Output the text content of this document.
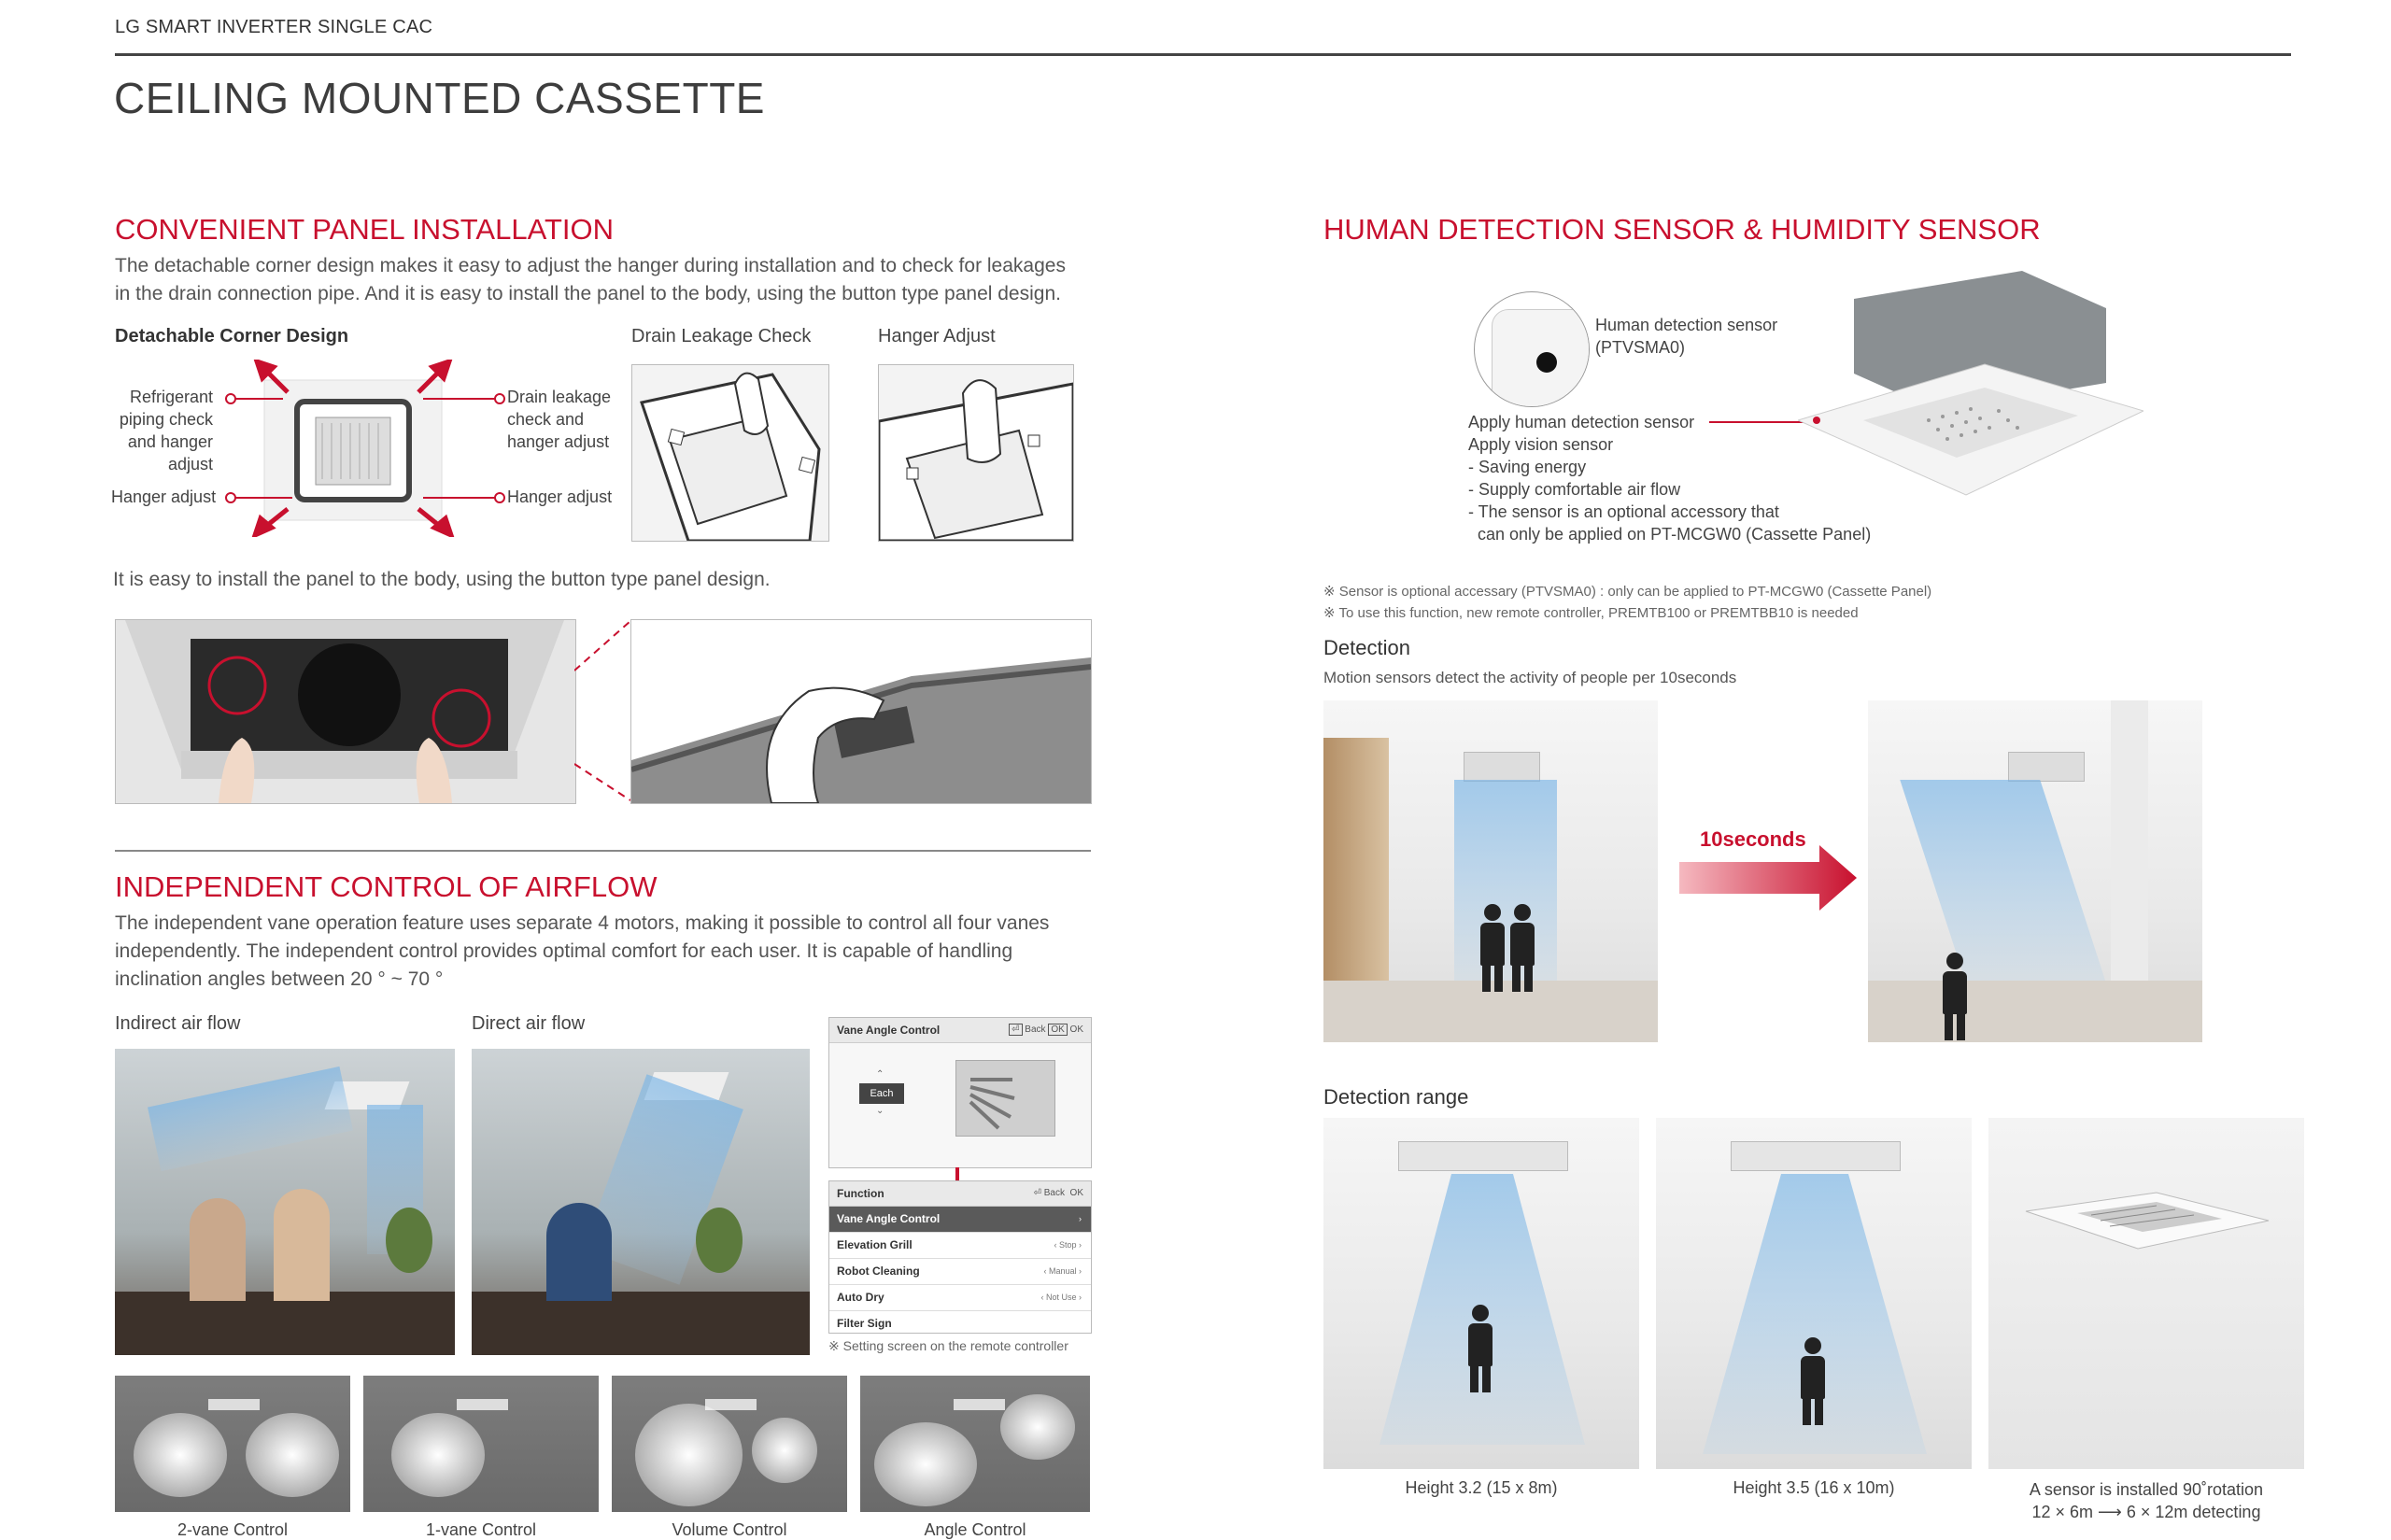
LG SMART INVERTER SINGLE CAC
CEILING MOUNTED CASSETTE
CONVENIENT PANEL INSTALLATION
The detachable corner design makes it easy to adjust the hanger during installation and to check for leakages in the drain connection pipe. And it is easy to install the panel to the body, using the button type panel design.
Detachable Corner Design	Drain Leakage Check	Hanger Adjust
Refrigerant piping check and hanger adjust
Hanger adjust
Drain leakage check and hanger adjust
Hanger adjust
It is easy to install the panel to the body, using the button type panel design.
INDEPENDENT CONTROL OF AIRFLOW
The independent vane operation feature uses separate 4 motors, making it possible to control all four vanes independently. The independent control provides optimal comfort for each user. It is capable of handling inclination angles between 20 ° ~ 70 °
Indirect air flow	Direct air flow	Vane Angle Control	⏎ Back OK OK
Each
⌃
⌄
Function	⏎ Back  OK
Vane Angle Control	›
Elevation Grill	‹ Stop ›
Robot Cleaning	‹ Manual ›
Auto Dry	‹ Not Use ›
Filter Sign
※ Setting screen on the remote controller
2-vane Control	1-vane Control	Volume Control	Angle Control
HUMAN DETECTION SENSOR & HUMIDITY SENSOR
Human detection sensor
(PTVSMA0)
Apply human detection sensor
Apply vision sensor
- Saving energy
- Supply comfortable air flow
- The sensor is an optional accessory that
can only be applied on PT-MCGW0 (Cassette Panel)
※ Sensor is optional accessary (PTVSMA0) : only can be applied to PT-MCGW0 (Cassette Panel)
※ To use this function, new remote controller, PREMTB100 or PREMTBB10 is needed
Detection
Motion sensors detect the activity of people per 10seconds
10seconds
Detection range
Height 3.2 (15 x 8m)	Height 3.5 (16 x 10m)	A sensor is installed 90˚rotation
12 × 6m ⟶ 6 × 12m detecting
